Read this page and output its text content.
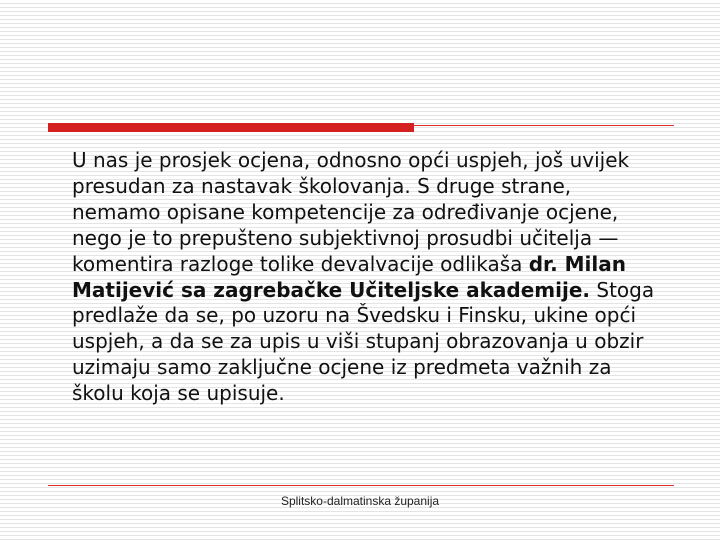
U nas je prosjek ocjena, odnosno opći uspjeh, još uvijek presudan za nastavak školovanja. S druge strane, nemamo opisane kompetencije za određivanje ocjene, nego je to prepušteno subjektivnoj prosudbi učitelja — komentira razloge tolike devalvacije odlikaša dr. Milan Matijević sa zagrebačke Učiteljske akademije. Stoga predlaže da se, po uzoru na Švedsku i Finsku, ukine opći uspjeh, a da se za upis u viši stupanj obrazovanja u obzir uzimaju samo zaključne ocjene iz predmeta važnih za školu koja se upisuje.

Splitsko-dalmatinska županija
